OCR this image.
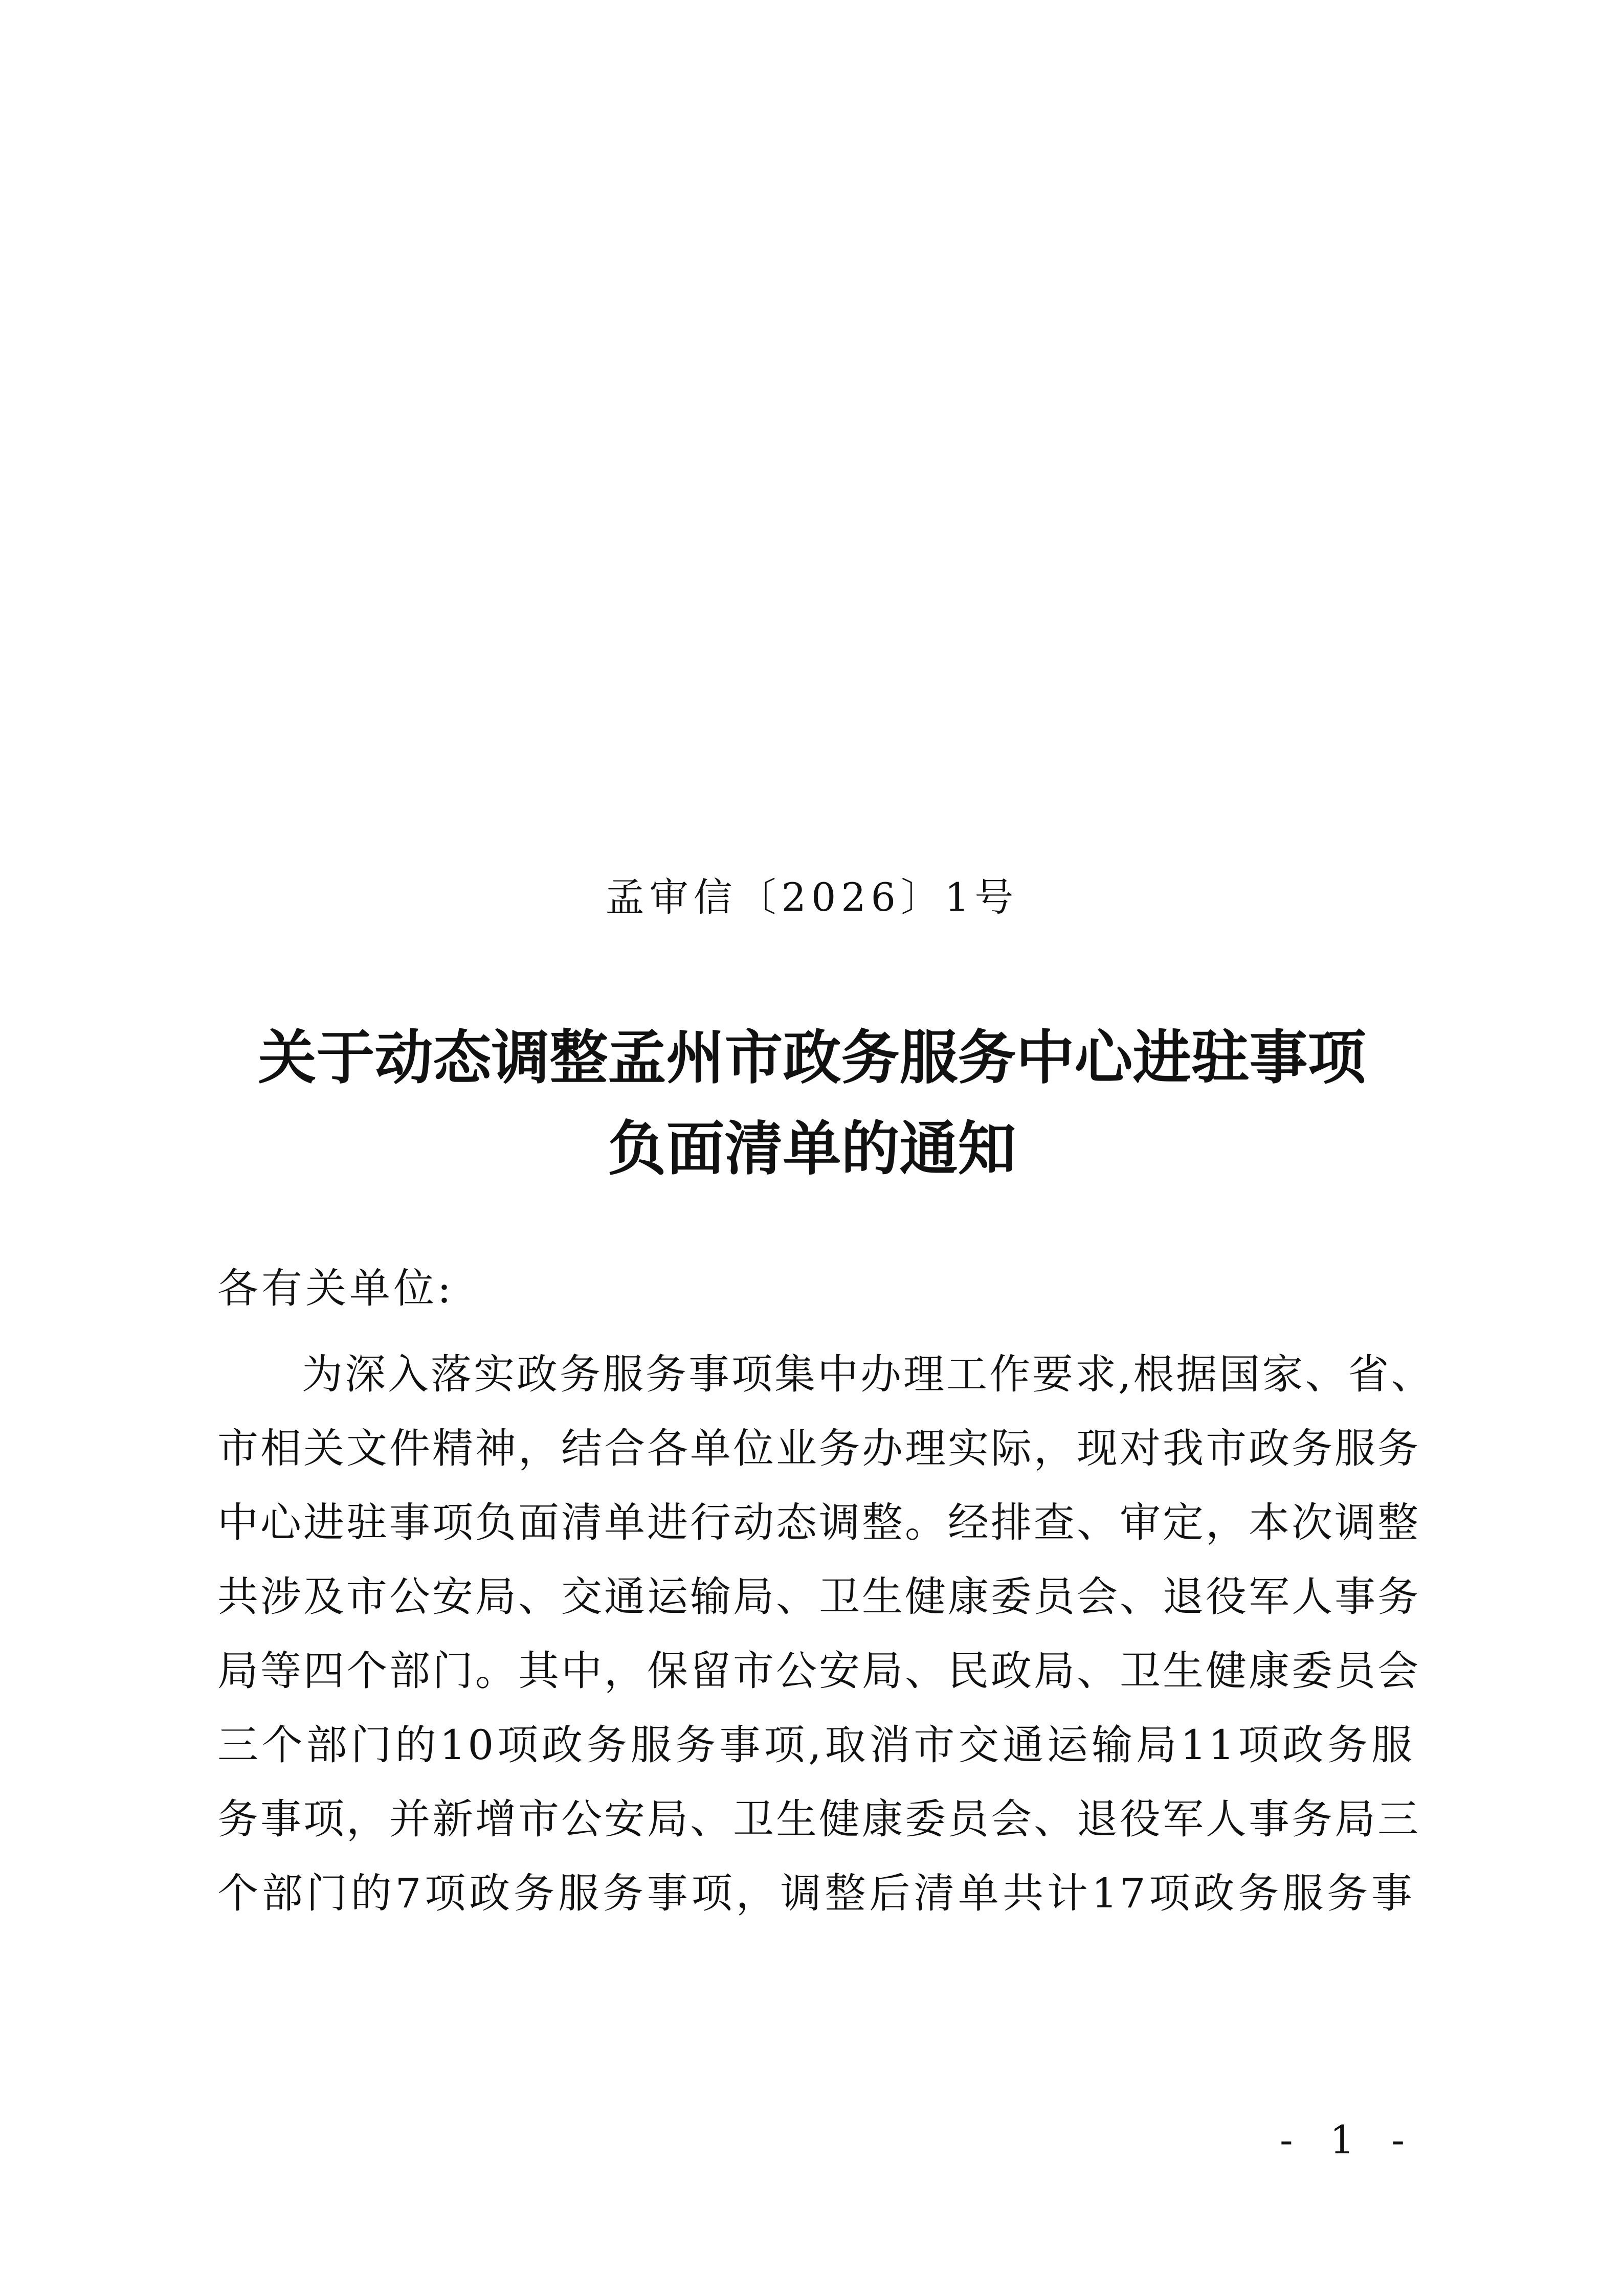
孟审信〔2026〕1号
关于动态调整孟州市政务服务中心进驻事项
负面清单的通知
各有关单位:
为深入落实政务服务事项集中办理工作要求,根据国家、省、
市相关文件精神，结合各单位业务办理实际，现对我市政务服务
中心进驻事项负面清单进行动态调整。经排查、审定，本次调整
共涉及市公安局、交通运输局、卫生健康委员会、退役军人事务
局等四个部门。其中，保留市公安局、民政局、卫生健康委员会
三个部门的10项政务服务事项,取消市交通运输局11项政务服
务事项，并新增市公安局、卫生健康委员会、退役军人事务局三
个部门的7项政务服务事项，调整后清单共计17项政务服务事
- 1 -
